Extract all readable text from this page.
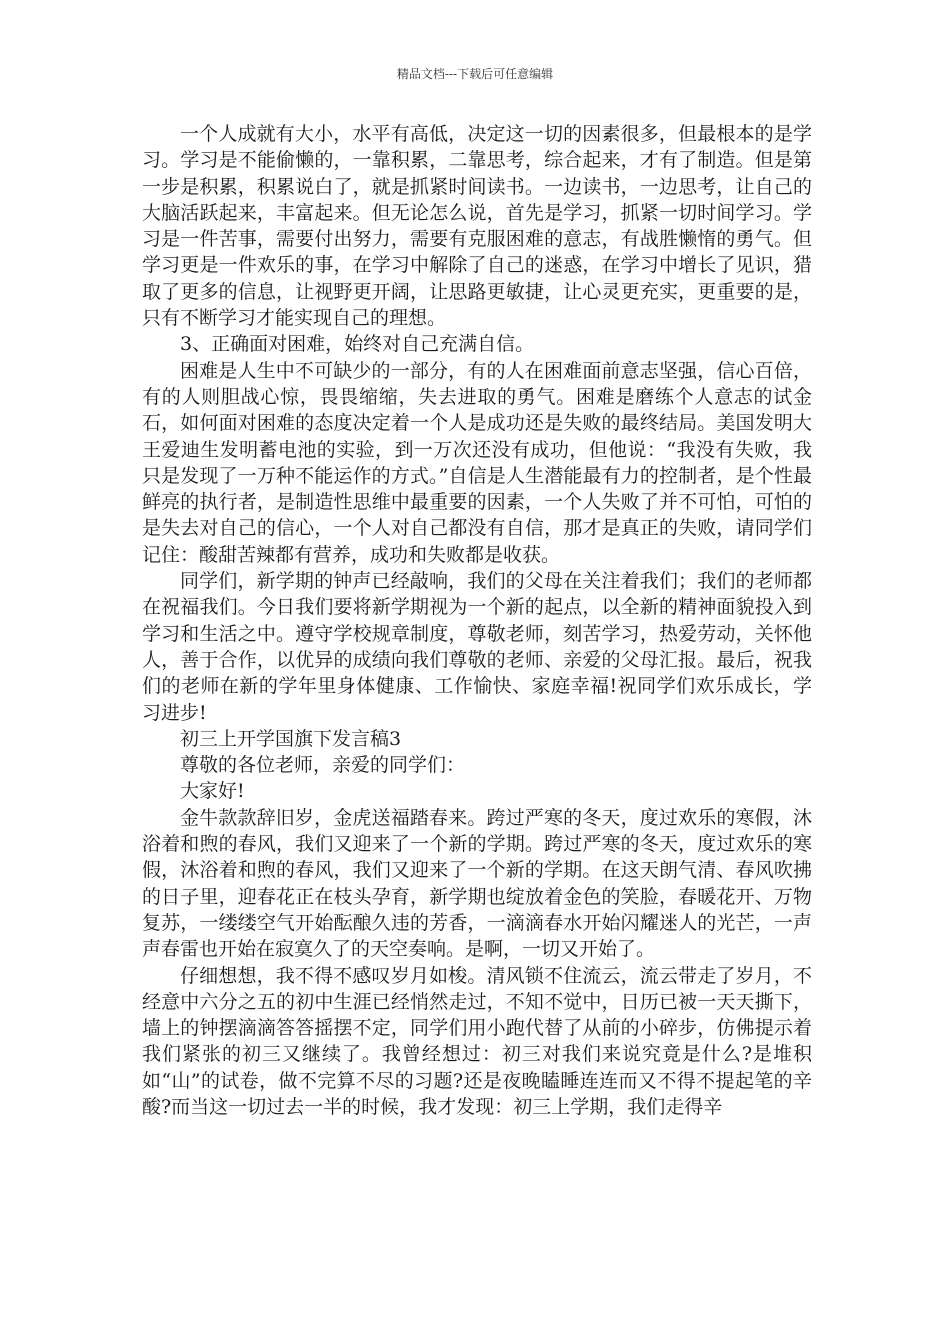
精品文档---下载后可任意编辑

一个人成就有大小，水平有高低，决定这一切的因素很多，但最根本的是学习。学习是不能偷懒的，一靠积累，二靠思考，综合起来，才有了制造。但是第一步是积累，积累说白了，就是抓紧时间读书。一边读书，一边思考，让自己的大脑活跃起来，丰富起来。但无论怎么说，首先是学习，抓紧一切时间学习。学习是一件苦事，需要付出努力，需要有克服困难的意志，有战胜懒惰的勇气。但学习更是一件欢乐的事，在学习中解除了自己的迷惑，在学习中增长了见识，猎取了更多的信息，让视野更开阔，让思路更敏捷，让心灵更充实，更重要的是，只有不断学习才能实现自己的理想。

3、正确面对困难，始终对自己充满自信。

困难是人生中不可缺少的一部分，有的人在困难面前意志坚强，信心百倍，有的人则胆战心惊，畏畏缩缩，失去进取的勇气。困难是磨练个人意志的试金石，如何面对困难的态度决定着一个人是成功还是失败的最终结局。美国发明大王爱迪生发明蓄电池的实验，到一万次还没有成功，但他说：“我没有失败，我只是发现了一万种不能运作的方式。”自信是人生潜能最有力的控制者，是个性最鲜亮的执行者，是制造性思维中最重要的因素，一个人失败了并不可怕，可怕的是失去对自己的信心，一个人对自己都没有自信，那才是真正的失败，请同学们记住：酸甜苦辣都有营养，成功和失败都是收获。

同学们，新学期的钟声已经敲响，我们的父母在关注着我们；我们的老师都在祝福我们。今日我们要将新学期视为一个新的起点，以全新的精神面貌投入到学习和生活之中。遵守学校规章制度，尊敬老师，刻苦学习，热爱劳动，关怀他人，善于合作，以优异的成绩向我们尊敬的老师、亲爱的父母汇报。最后，祝我们的老师在新的学年里身体健康、工作愉快、家庭幸福!祝同学们欢乐成长，学习进步!

初三上开学国旗下发言稿3

尊敬的各位老师，亲爱的同学们：

大家好!

金牛款款辞旧岁，金虎送福踏春来。跨过严寒的冬天，度过欢乐的寒假，沐浴着和煦的春风，我们又迎来了一个新的学期。跨过严寒的冬天，度过欢乐的寒假，沐浴着和煦的春风，我们又迎来了一个新的学期。在这天朗气清、春风吹拂的日子里，迎春花正在枝头孕育，新学期也绽放着金色的笑脸，春暖花开、万物复苏，一缕缕空气开始酝酿久违的芳香，一滴滴春水开始闪耀迷人的光芒，一声声春雷也开始在寂寞久了的天空奏响。是啊，一切又开始了。

仔细想想，我不得不感叹岁月如梭。清风锁不住流云，流云带走了岁月，不经意中六分之五的初中生涯已经悄然走过，不知不觉中，日历已被一天天撕下，墙上的钟摆滴滴答答摇摆不定，同学们用小跑代替了从前的小碎步，仿佛提示着我们紧张的初三又继续了。我曾经想过：初三对我们来说究竟是什么?是堆积如“山”的试卷，做不完算不尽的习题?还是夜晚瞌睡连连而又不得不提起笔的辛酸?而当这一切过去一半的时候，我才发现：初三上学期，我们走得辛
